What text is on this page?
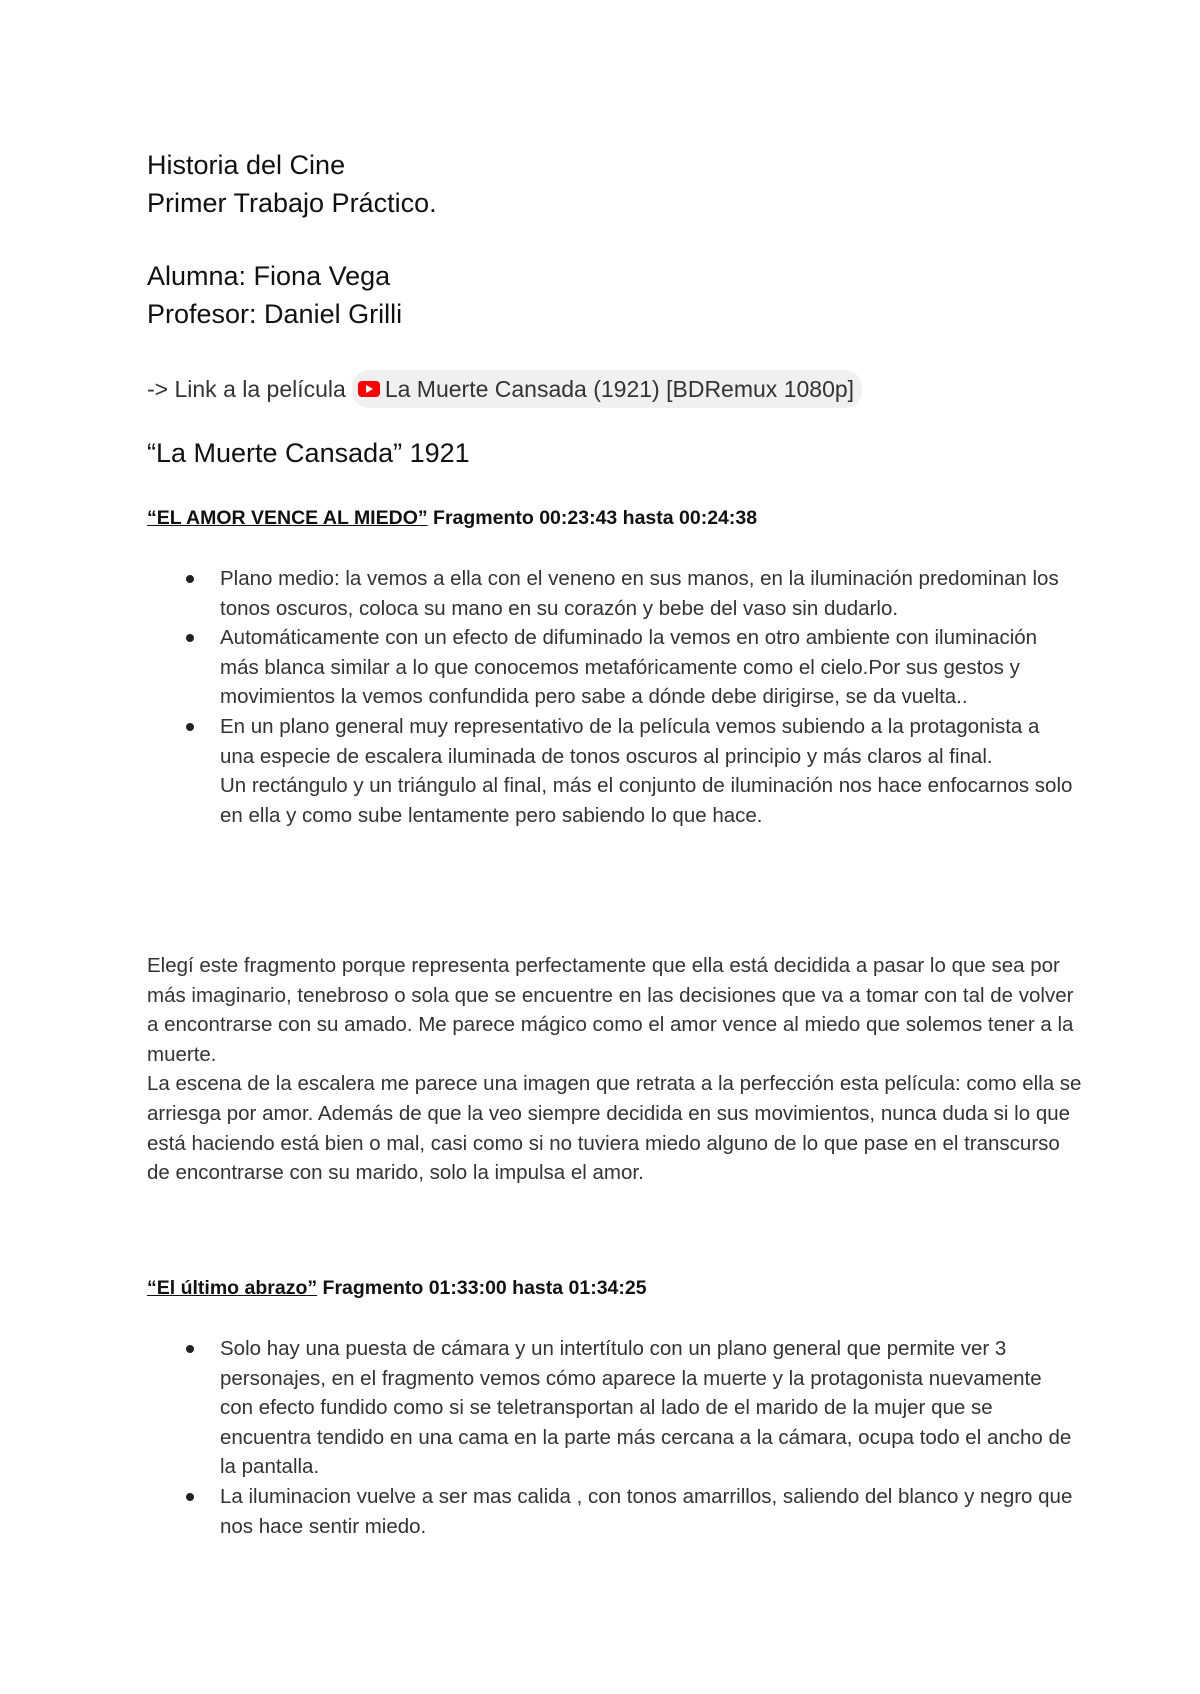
Historia del Cine
Primer Trabajo Práctico.
Alumna: Fiona Vega
Profesor: Daniel Grilli
-> Link a la película La Muerte Cansada (1921) [BDRemux 1080p]
“La Muerte Cansada” 1921
“EL AMOR VENCE AL MIEDO” Fragmento 00:23:43 hasta 00:24:38
Plano medio: la vemos a ella con el veneno en sus manos, en la iluminación predominan los tonos oscuros, coloca su mano en su corazón y bebe del vaso sin dudarlo.
Automáticamente con un efecto de difuminado la vemos en otro ambiente con iluminación más blanca similar a lo que conocemos metafóricamente como el cielo.Por sus gestos y movimientos la vemos confundida pero sabe a dónde debe dirigirse, se da vuelta..
En un plano general muy representativo de la película vemos subiendo a la protagonista a una especie de escalera iluminada de tonos oscuros al principio y más claros al final.
Un rectángulo y un triángulo al final, más el conjunto de iluminación nos hace enfocarnos solo en ella y como sube lentamente pero sabiendo lo que hace.

Elegí este fragmento porque representa perfectamente que ella está decidida a pasar lo que sea por más imaginario, tenebroso o sola que se encuentre en las decisiones que va a tomar con tal de volver a encontrarse con su amado. Me parece mágico como el amor vence al miedo que solemos tener a la muerte.
La escena de la escalera me parece una imagen que retrata a la perfección esta película: como ella se arriesga por amor. Además de que la veo siempre decidida en sus movimientos, nunca duda si lo que está haciendo está bien o mal, casi como si no tuviera miedo alguno de lo que pase en el transcurso de encontrarse con su marido, solo la impulsa el amor.

“El último abrazo” Fragmento 01:33:00 hasta 01:34:25
Solo hay una puesta de cámara y un intertítulo con un plano general que permite ver 3 personajes, en el fragmento vemos cómo aparece la muerte y la protagonista nuevamente con efecto fundido como si se teletransportan al lado de el marido de la mujer que se encuentra tendido en una cama en la parte más cercana a la cámara, ocupa todo el ancho de la pantalla.
La iluminacion vuelve a ser mas calida , con tonos amarrillos, saliendo del blanco y negro que nos hace sentir miedo.
